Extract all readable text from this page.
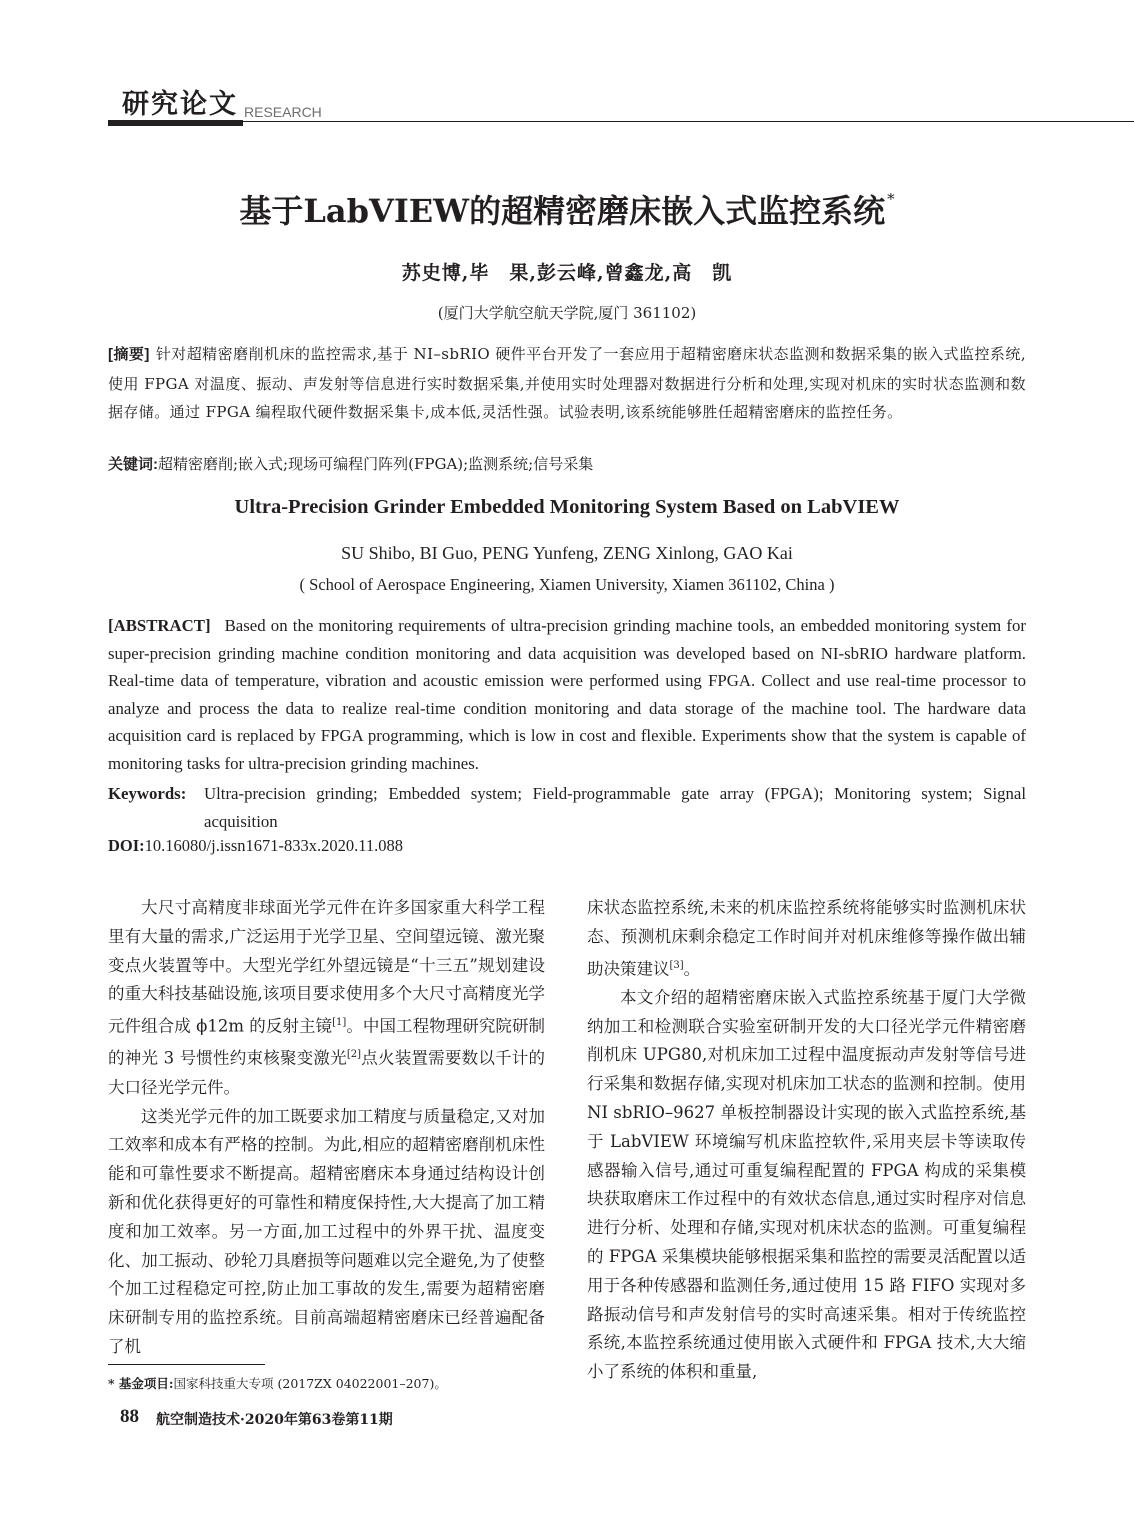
研究论文 RESEARCH
基于LabVIEW的超精密磨床嵌入式监控系统 *
苏史博,毕　果,彭云峰,曾鑫龙,高　凯
(厦门大学航空航天学院,厦门 361102)
[摘要] 针对超精密磨削机床的监控需求,基于 NI–sbRIO 硬件平台开发了一套应用于超精密磨床状态监测和数据采集的嵌入式监控系统,使用 FPGA 对温度、振动、声发射等信息进行实时数据采集,并使用实时处理器对数据进行分析和处理,实现对机床的实时状态监测和数据存储。通过 FPGA 编程取代硬件数据采集卡,成本低,灵活性强。试验表明,该系统能够胜任超精密磨床的监控任务。
关键词:超精密磨削;嵌入式;现场可编程门阵列(FPGA);监测系统;信号采集
Ultra-Precision Grinder Embedded Monitoring System Based on LabVIEW
SU Shibo, BI Guo, PENG Yunfeng, ZENG Xinlong, GAO Kai
( School of Aerospace Engineering, Xiamen University, Xiamen 361102, China )
[ABSTRACT] Based on the monitoring requirements of ultra-precision grinding machine tools, an embedded monitoring system for super-precision grinding machine condition monitoring and data acquisition was developed based on NI-sbRIO hardware platform. Real-time data of temperature, vibration and acoustic emission were performed using FPGA. Collect and use real-time processor to analyze and process the data to realize real-time condition monitoring and data storage of the machine tool. The hardware data acquisition card is replaced by FPGA programming, which is low in cost and flexible. Experiments show that the system is capable of monitoring tasks for ultra-precision grinding machines.
Keywords:	Ultra-precision grinding; Embedded system; Field-programmable gate array (FPGA); Monitoring system; Signal acquisition
DOI:10.16080/j.issn1671-833x.2020.11.088

大尺寸高精度非球面光学元件在许多国家重大科学工程里有大量的需求,广泛运用于光学卫星、空间望远镜、激光聚变点火装置等中。大型光学红外望远镜是“十三五”规划建设的重大科技基础设施,该项目要求使用多个大尺寸高精度光学元件组合成 ϕ12m 的反射主镜[1]。中国工程物理研究院研制的神光 3 号惯性约束核聚变激光[2]点火装置需要数以千计的大口径光学元件。

这类光学元件的加工既要求加工精度与质量稳定,又对加工效率和成本有严格的控制。为此,相应的超精密磨削机床性能和可靠性要求不断提高。超精密磨床本身通过结构设计创新和优化获得更好的可靠性和精度保持性,大大提高了加工精度和加工效率。另一方面,加工过程中的外界干扰、温度变化、加工振动、砂轮刀具磨损等问题难以完全避免,为了使整个加工过程稳定可控,防止加工事故的发生,需要为超精密磨床研制专用的监控系统。目前高端超精密磨床已经普遍配备了机

床状态监控系统,未来的机床监控系统将能够实时监测机床状态、预测机床剩余稳定工作时间并对机床维修等操作做出辅助决策建议[3]。

本文介绍的超精密磨床嵌入式监控系统基于厦门大学微纳加工和检测联合实验室研制开发的大口径光学元件精密磨削机床 UPG80,对机床加工过程中温度振动声发射等信号进行采集和数据存储,实现对机床加工状态的监测和控制。使用 NI sbRIO–9627 单板控制器设计实现的嵌入式监控系统,基于 LabVIEW 环境编写机床监控软件,采用夹层卡等读取传感器输入信号,通过可重复编程配置的 FPGA 构成的采集模块获取磨床工作过程中的有效状态信息,通过实时程序对信息进行分析、处理和存储,实现对机床状态的监测。可重复编程的 FPGA 采集模块能够根据采集和监控的需要灵活配置以适用于各种传感器和监测任务,通过使用 15 路 FIFO 实现对多路振动信号和声发射信号的实时高速采集。相对于传统监控系统,本监控系统通过使用嵌入式硬件和 FPGA 技术,大大缩小了系统的体积和重量,

* 基金项目:国家科技重大专项 (2017ZX 04022001–207)。
88 航空制造技术·2020年第63卷第11期
